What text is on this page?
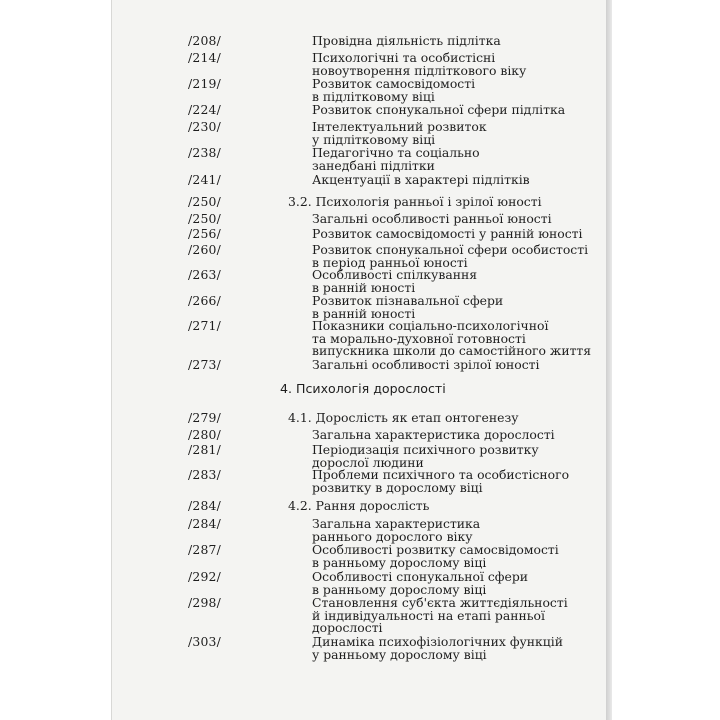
/208/	Провідна діяльність підлітка
/214/	Психологічні та особистісні
новоутворення підліткового віку
/219/	Розвиток самосвідомості
в підлітковому віці
/224/	Розвиток спонукальної сфери підлітка
/230/	Інтелектуальний розвиток
у підлітковому віці
/238/	Педагогічно та соціально
занедбані підлітки
/241/	Акцентуації в характері підлітків
/250/	3.2. Психологія ранньої і зрілої юності
/250/	Загальні особливості ранньої юності
/256/	Розвиток самосвідомості у ранній юності
/260/	Розвиток спонукальної сфери особистості
в період ранньої юності
/263/	Особливості спілкування
в ранній юності
/266/	Розвиток пізнавальної сфери
в ранній юності
/271/	Показники соціально-психологічної
та морально-духовної готовності
випускника школи до самостійного життя
/273/	Загальні особливості зрілої юності
/279/	4.1. Дорослість як етап онтогенезу
/280/	Загальна характеристика дорослості
/281/	Періодизація психічного розвитку
дорослої людини
/283/	Проблеми психічного та особистісного
розвитку в дорослому віці
/284/	4.2. Рання дорослість
/284/	Загальна характеристика
раннього дорослого віку
/287/	Особливості розвитку самосвідомості
в ранньому дорослому віці
/292/	Особливості спонукальної сфери
в ранньому дорослому віці
/298/	Становлення суб'єкта життєдіяльності
й індивідуальності на етапі ранньої
дорослості
/303/	Динаміка психофізіологічних функцій
у ранньому дорослому віці
4. Психологія дорослості
